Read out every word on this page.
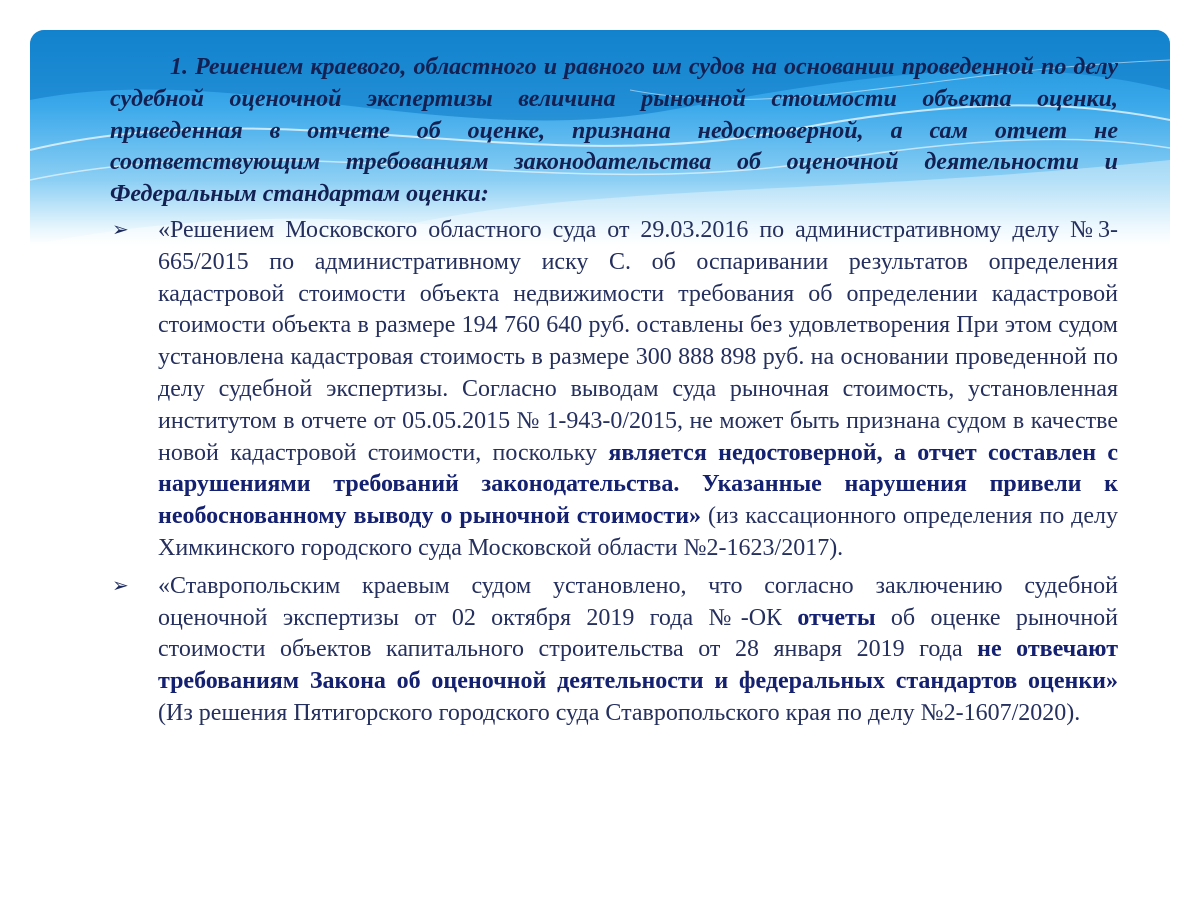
1. Решением краевого, областного и равного им судов на основании проведенной по делу судебной оценочной экспертизы величина рыночной стоимости объекта оценки, приведенная в отчете об оценке, признана недостоверной, а сам отчет не соответствующим требованиям законодательства об оценочной деятельности и Федеральным стандартам оценки:

➢ «Решением Московского областного суда от 29.03.2016 по административному делу №3-665/2015 по административному иску С. об оспаривании результатов определения кадастровой стоимости объекта недвижимости требования об определении кадастровой стоимости объекта в размере 194 760 640 руб. оставлены без удовлетворения При этом судом установлена кадастровая стоимость в размере 300 888 898 руб. на основании проведенной по делу судебной экспертизы. Согласно выводам суда рыночная стоимость, установленная институтом в отчете от 05.05.2015 № 1-943-0/2015, не может быть признана судом в качестве новой кадастровой стоимости, поскольку является недостоверной, а отчет составлен с нарушениями требований законодательства. Указанные нарушения привели к необоснованному выводу о рыночной стоимости» (из кассационного определения по делу Химкинского городского суда Московской области №2-1623/2017).
➢ «Ставропольским краевым судом установлено, что согласно заключению судебной оценочной экспертизы от 02 октября 2019 года №-ОК отчеты об оценке рыночной стоимости объектов капитального строительства от 28 января 2019 года не отвечают требованиям Закона об оценочной деятельности и федеральных стандартов оценки» (Из решения Пятигорского городского суда Ставропольского края по делу №2-1607/2020).
